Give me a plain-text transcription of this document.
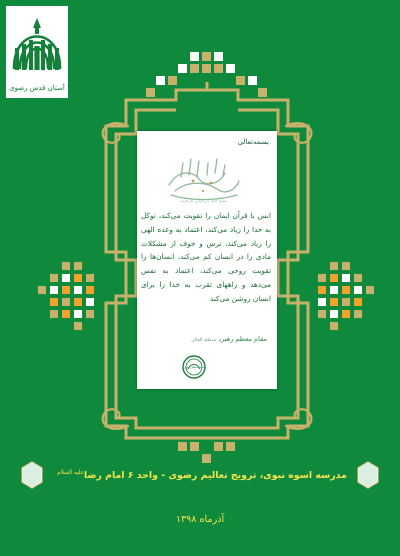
آستان قدس رضوی
بسمه‌تعالی
بسم الله الرحمن الرحیم
انس با قرآن ایمان را تقویت می‌کند، توکل به خدا را زیاد می‌کند، اعتماد به وعده الهی را زیاد می‌کند، ترس و خوف از مشکلات مادی را در انسان کم می‌کند، انسان‌ها را تقویت روحی می‌کند، اعتماد به نفس می‌دهد و راههای تقرب به خدا را برای انسان روشن می‌کند
مقام معظم رهبریمدظله العالی
مقام معظم رهبری
مدرسه اسوه نبوی، ترویج تعالیم رضوی - واحد ۶ امام رضا$^{علیه السلام}$
آذرماه ۱۳۹۸
